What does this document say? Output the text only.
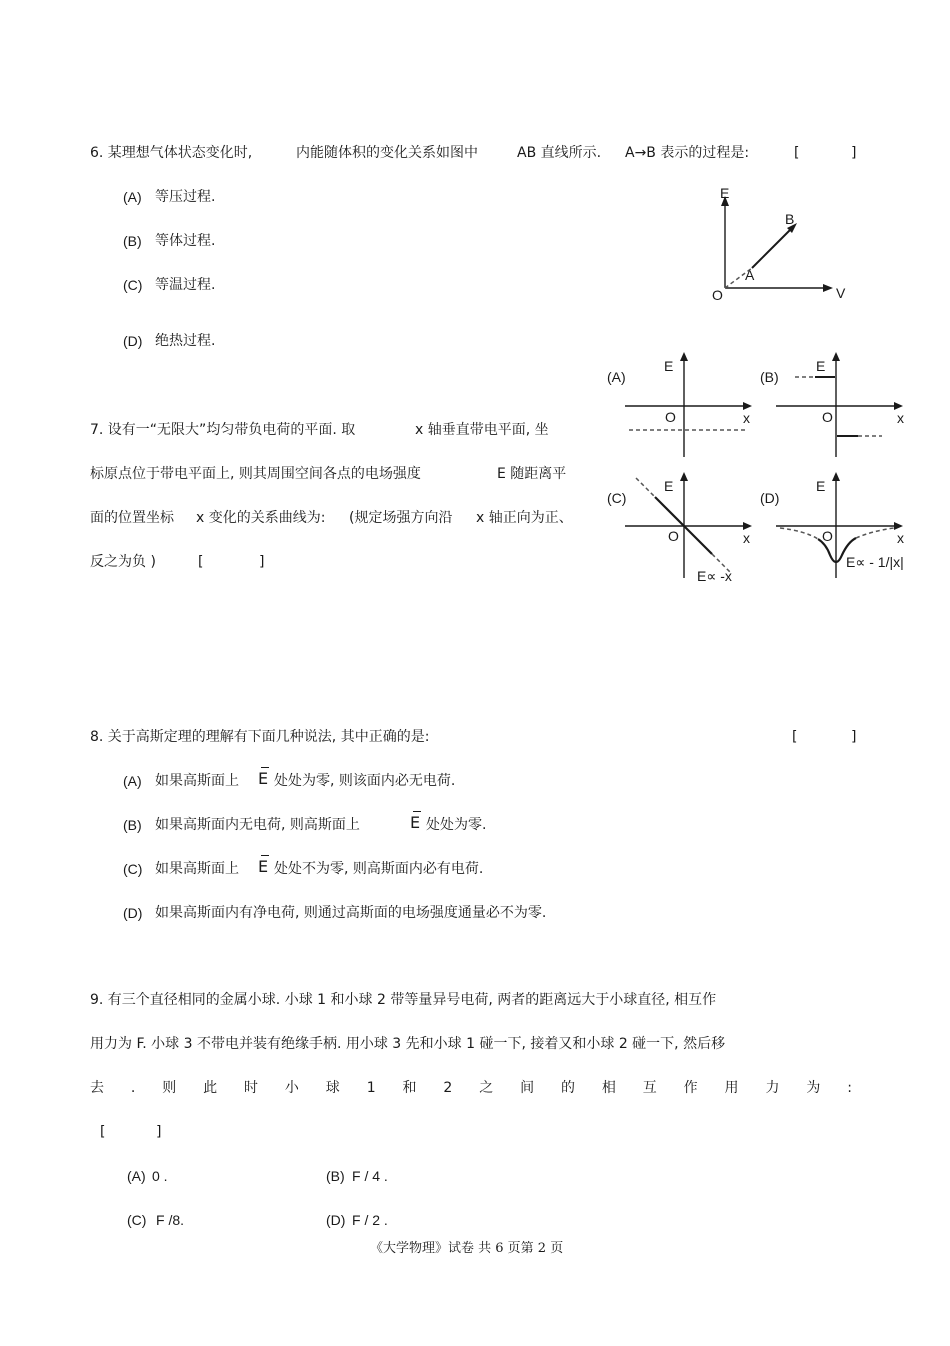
6. 某理想气体状态变化时,	内能随体积的变化关系如图中	AB 直线所示. A→B 表示的过程是:	[	]
(A) 等压过程.
(B) 等体过程.
(C) 等温过程.
(D) 绝热过程.
E
B
A
O	V
7. 设有一“无限大”均匀带负电荷的平面. 取	x 轴垂直带电平面, 坐
标原点位于带电平面上, 则其周围空间各点的电场强度	E 随距离平
面的位置坐标 x 变化的关系曲线为: (规定场强方向沿 x 轴正向为正、
反之为负 )	[	]
(A)
E
O	x
(B)
E
O	x
(C)
E
O	x
E∝ -x
(D)
E
O	x
E∝ - 1/|x|
8. 关于高斯定理的理解有下面几种说法, 其中正确的是:	[	]
(A) 如果高斯面上 E 处处为零, 则该面内必无电荷.
(B) 如果高斯面内无电荷, 则高斯面上	E 处处为零.
(C) 如果高斯面上 E 处处不为零, 则高斯面内必有电荷.
(D) 如果高斯面内有净电荷, 则通过高斯面的电场强度通量必不为零.
9. 有三个直径相同的金属小球. 小球 1 和小球 2 带等量异号电荷, 两者的距离远大于小球直径, 相互作
用力为 F. 小球 3 不带电并装有绝缘手柄. 用小球 3 先和小球 1 碰一下, 接着又和小球 2 碰一下, 然后移
去 . 则 此 时 小 球 1 和 2 之 间 的 相 互 作 用 力 为 :
[	]
(A) 0 .	(B) F / 4 .
(C) F /8.	(D) F / 2 .
《大学物理》试卷 共 6 页第 2 页
